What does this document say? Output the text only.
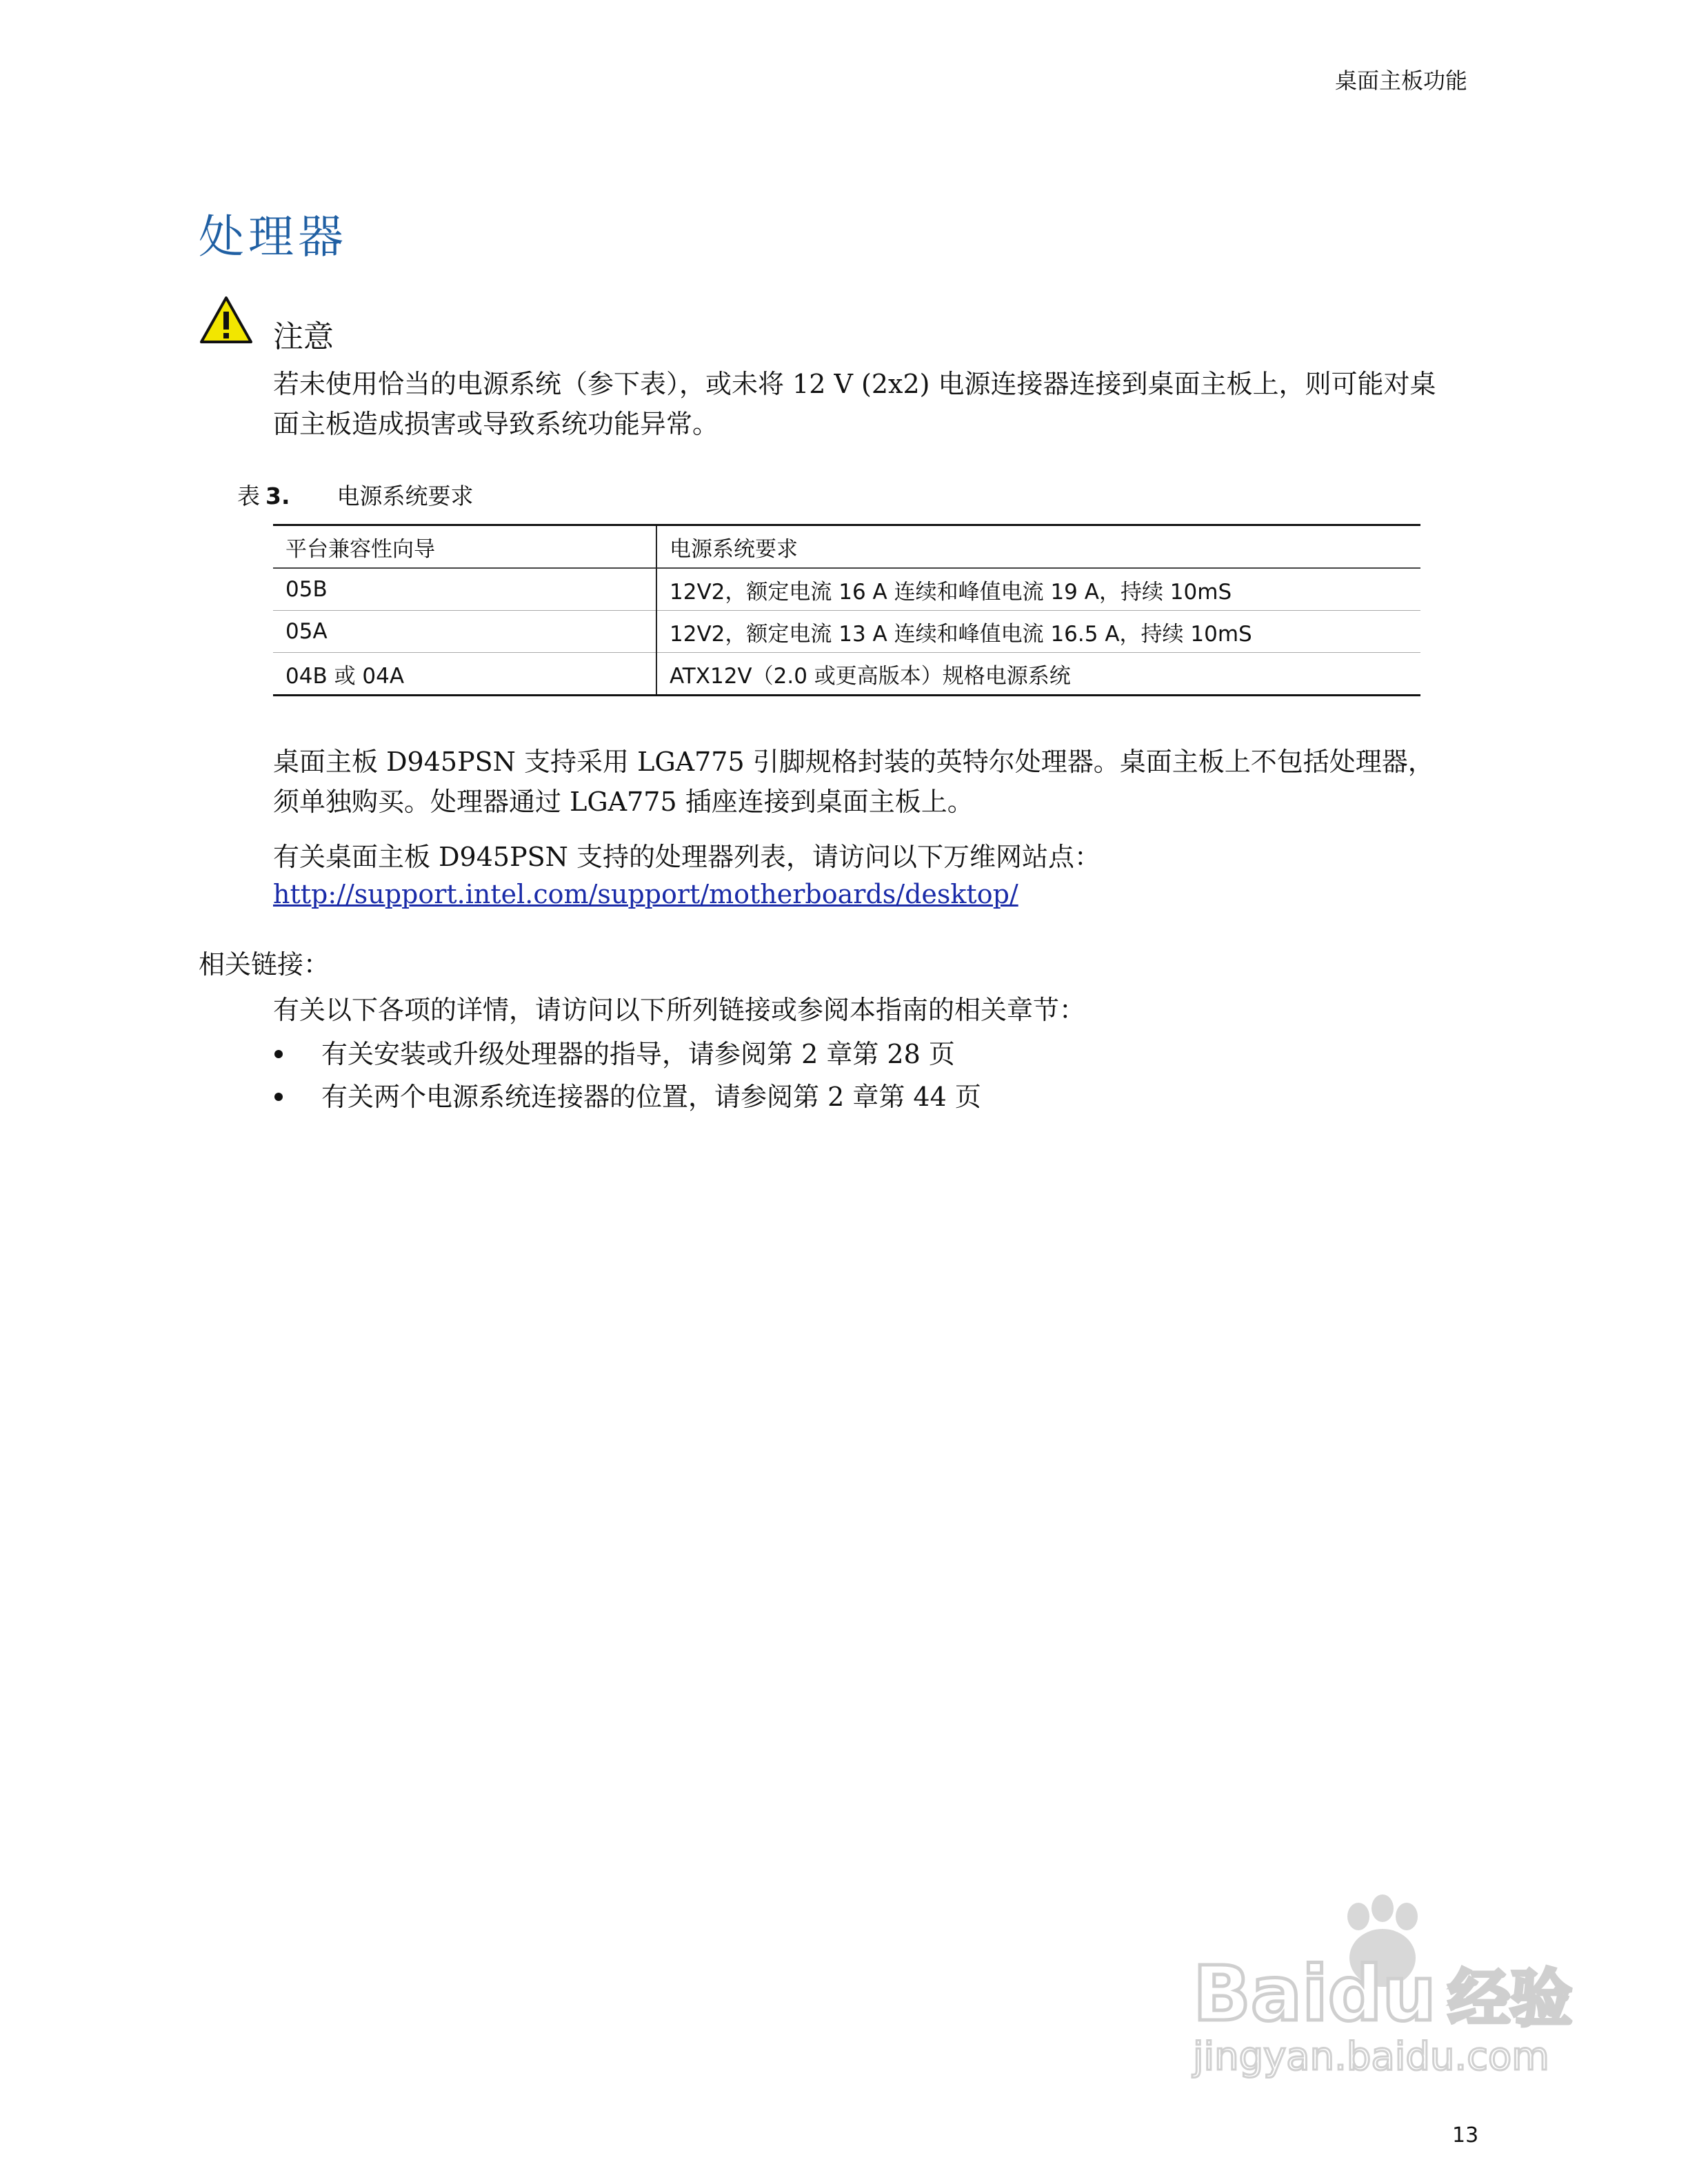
桌面主板功能
处理器
注意

若未使用恰当的电源系统（参下表），或未将 12 V (2x2) 电源连接器连接到桌面主板上，则可能对桌面主板造成损害或导致系统功能异常。

表 3. 电源系统要求
平台兼容性向导	电源系统要求
05B	12V2，额定电流 16 A 连续和峰值电流 19 A，持续 10mS
05A	12V2，额定电流 13 A 连续和峰值电流 16.5 A，持续 10mS
04B 或 04A	ATX12V（2.0 或更高版本）规格电源系统

桌面主板 D945PSN 支持采用 LGA775 引脚规格封装的英特尔处理器。桌面主板上不包括处理器，须单独购买。处理器通过 LGA775 插座连接到桌面主板上。

有关桌面主板 D945PSN 支持的处理器列表，请访问以下万维网站点：

http://support.intel.com/support/motherboards/desktop/
相关链接：

有关以下各项的详情，请访问以下所列链接或参阅本指南的相关章节：

有关安装或升级处理器的指导，请参阅第 2 章第 28 页
有关两个电源系统连接器的位置，请参阅第 2 章第 44 页
Baidu 经验
jingyan.baidu.com
13
